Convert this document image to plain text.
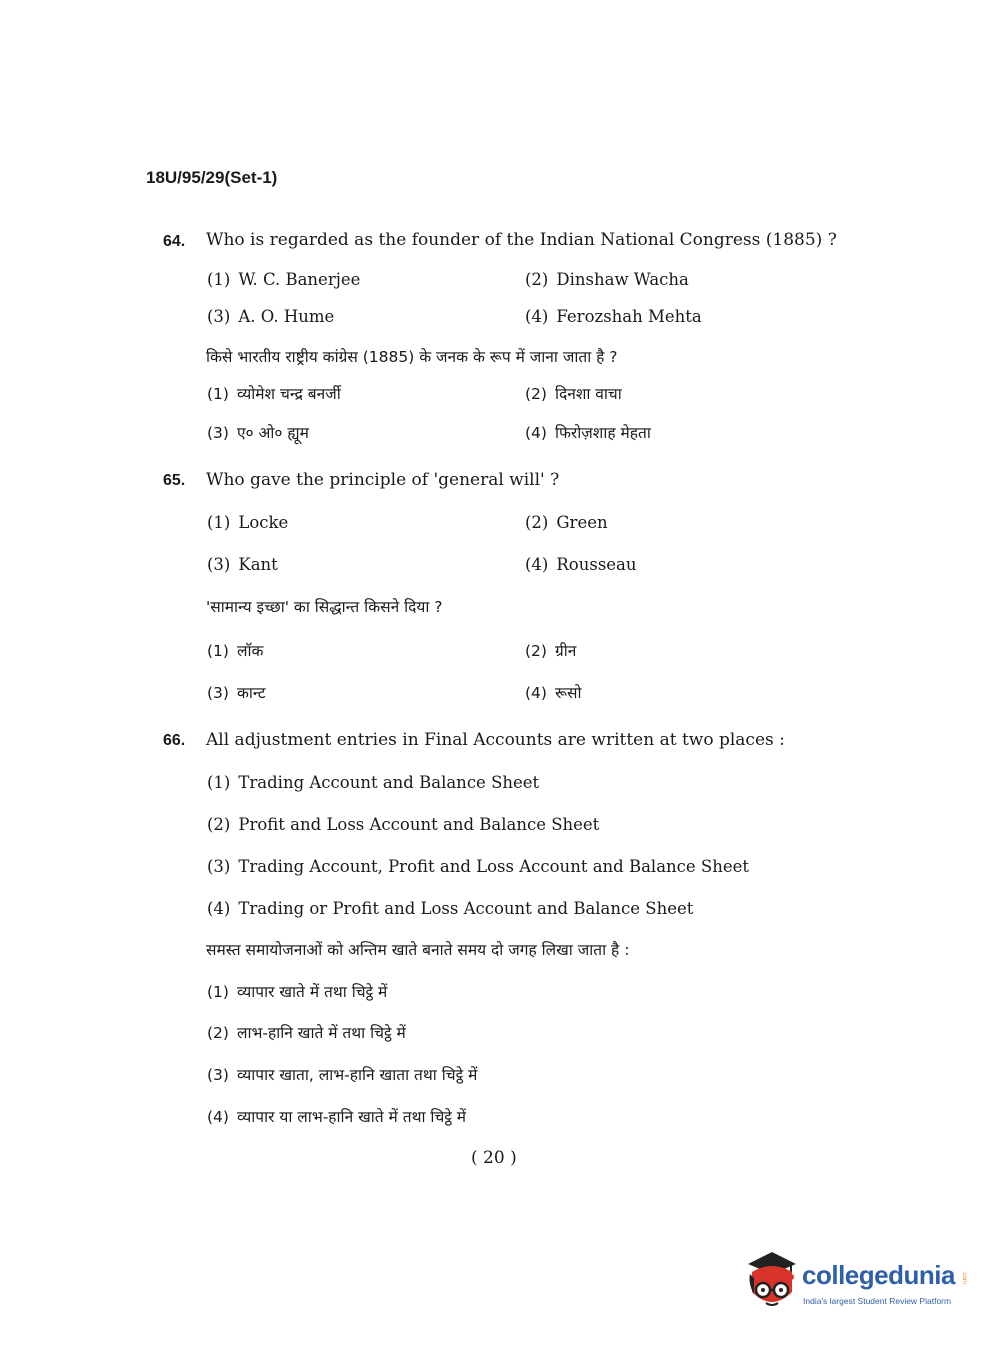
18U/95/29(Set-1)
64. Who is regarded as the founder of the Indian National Congress (1885) ?
(1) W. C. Banerjee	(2) Dinshaw Wacha
(3) A. O. Hume	(4) Ferozshah Mehta
किसे भारतीय राष्ट्रीय कांग्रेस (1885) के जनक के रूप में जाना जाता है ?
(1) व्योमेश चन्द्र बनर्जी	(2) दिनशा वाचा
(3) ए० ओ० ह्यूम	(4) फिरोज़शाह मेहता
65. Who gave the principle of 'general will' ?
(1) Locke	(2) Green
(3) Kant	(4) Rousseau
'सामान्य इच्छा' का सिद्धान्त किसने दिया ?
(1) लॉक	(2) ग्रीन
(3) कान्ट	(4) रूसो
66. All adjustment entries in Final Accounts are written at two places :
(1) Trading Account and Balance Sheet
(2) Profit and Loss Account and Balance Sheet
(3) Trading Account, Profit and Loss Account and Balance Sheet
(4) Trading or Profit and Loss Account and Balance Sheet
समस्त समायोजनाओं को अन्तिम खाते बनाते समय दो जगह लिखा जाता है :
(1) व्यापार खाते में तथा चिट्ठे में
(2) लाभ-हानि खाते में तथा चिट्ठे में
(3) व्यापार खाता, लाभ-हानि खाता तथा चिट्ठे में
(4) व्यापार या लाभ-हानि खाते में तथा चिट्ठे में
( 20 )
collegedunia .com
India's largest Student Review Platform
